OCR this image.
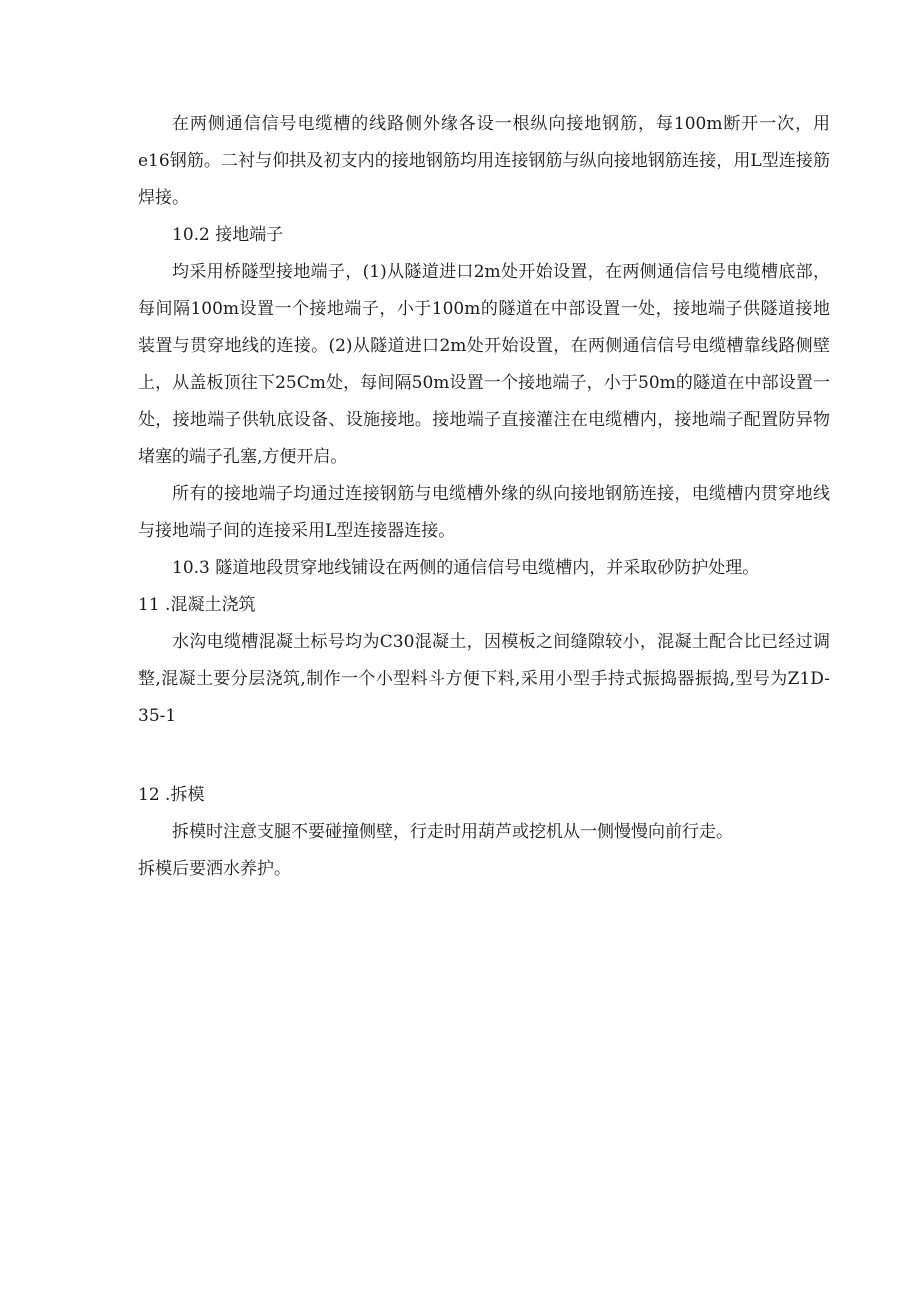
在两侧通信信号电缆槽的线路侧外缘各设一根纵向接地钢筋，每100m断开一次，用e16钢筋。二衬与仰拱及初支内的接地钢筋均用连接钢筋与纵向接地钢筋连接，用L型连接筋焊接。

10.2 接地端子

均采用桥隧型接地端子，(1)从隧道进口2m处开始设置，在两侧通信信号电缆槽底部，每间隔100m设置一个接地端子，小于100m的隧道在中部设置一处，接地端子供隧道接地装置与贯穿地线的连接。(2)从隧道进口2m处开始设置，在两侧通信信号电缆槽靠线路侧壁上，从盖板顶往下25Cm处，每间隔50m设置一个接地端子，小于50m的隧道在中部设置一处，接地端子供轨底设备、设施接地。接地端子直接灌注在电缆槽内，接地端子配置防异物堵塞的端子孔塞,方便开启。

所有的接地端子均通过连接钢筋与电缆槽外缘的纵向接地钢筋连接，电缆槽内贯穿地线与接地端子间的连接采用L型连接器连接。

10.3 隧道地段贯穿地线铺设在两侧的通信信号电缆槽内，并采取砂防护处理。

11 .混凝土浇筑

水沟电缆槽混凝土标号均为C30混凝土，因模板之间缝隙较小，混凝土配合比已经过调整,混凝土要分层浇筑,制作一个小型料斗方便下料,采用小型手持式振捣器振捣,型号为Z1D-35-1

12 .拆模

拆模时注意支腿不要碰撞侧壁，行走时用葫芦或挖机从一侧慢慢向前行走。

拆模后要洒水养护。
